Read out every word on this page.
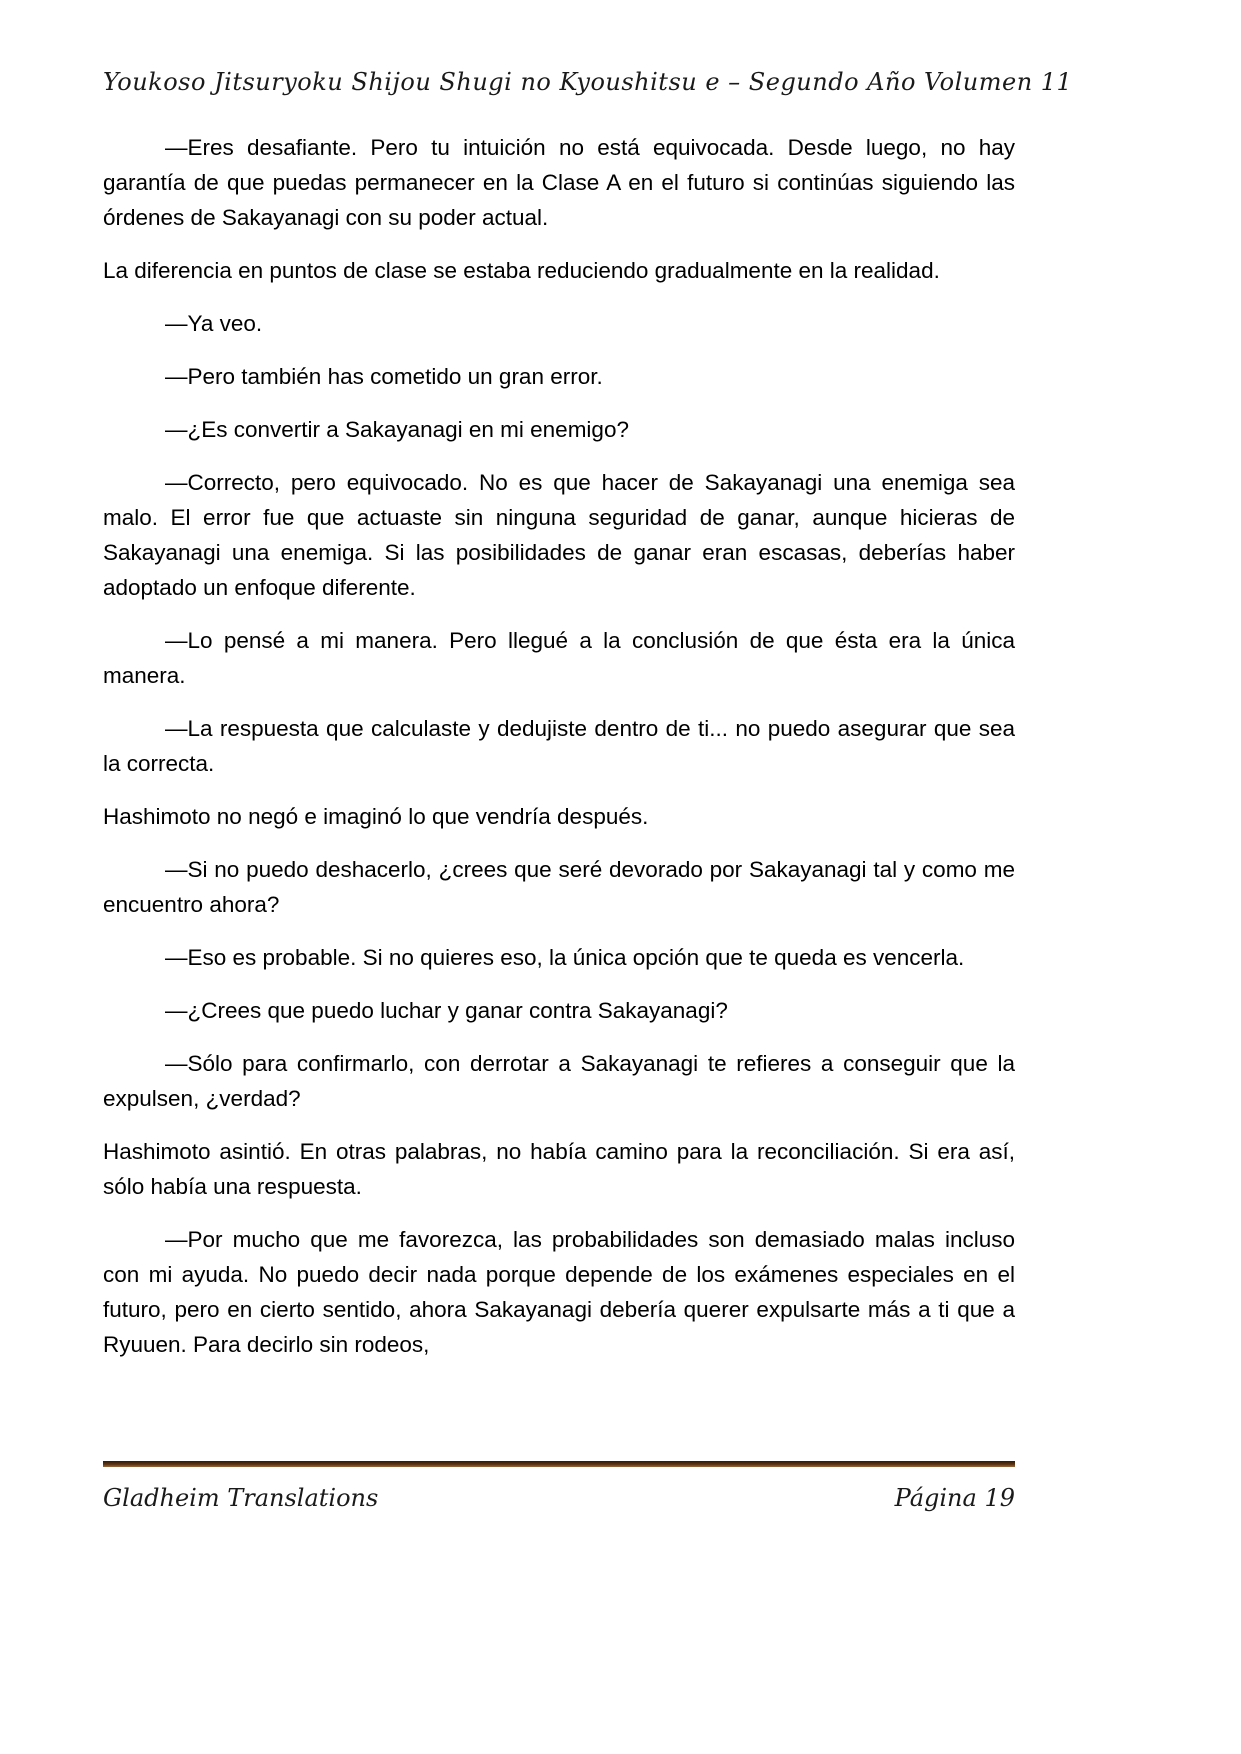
Youkoso Jitsuryoku Shijou Shugi no Kyoushitsu e – Segundo Año Volumen 11

—Eres desafiante. Pero tu intuición no está equivocada. Desde luego, no hay garantía de que puedas permanecer en la Clase A en el futuro si continúas siguiendo las órdenes de Sakayanagi con su poder actual.

La diferencia en puntos de clase se estaba reduciendo gradualmente en la realidad.

—Ya veo.

—Pero también has cometido un gran error.

—¿Es convertir a Sakayanagi en mi enemigo?

—Correcto, pero equivocado. No es que hacer de Sakayanagi una enemiga sea malo. El error fue que actuaste sin ninguna seguridad de ganar, aunque hicieras de Sakayanagi una enemiga. Si las posibilidades de ganar eran escasas, deberías haber adoptado un enfoque diferente.

—Lo pensé a mi manera. Pero llegué a la conclusión de que ésta era la única manera.

—La respuesta que calculaste y dedujiste dentro de ti... no puedo asegurar que sea la correcta.

Hashimoto no negó e imaginó lo que vendría después.

—Si no puedo deshacerlo, ¿crees que seré devorado por Sakayanagi tal y como me encuentro ahora?

—Eso es probable. Si no quieres eso, la única opción que te queda es vencerla.

—¿Crees que puedo luchar y ganar contra Sakayanagi?

—Sólo para confirmarlo, con derrotar a Sakayanagi te refieres a conseguir que la expulsen, ¿verdad?

Hashimoto asintió. En otras palabras, no había camino para la reconciliación. Si era así, sólo había una respuesta.

—Por mucho que me favorezca, las probabilidades son demasiado malas incluso con mi ayuda. No puedo decir nada porque depende de los exámenes especiales en el futuro, pero en cierto sentido, ahora Sakayanagi debería querer expulsarte más a ti que a Ryuuen. Para decirlo sin rodeos,

Gladheim Translations	Página 19
